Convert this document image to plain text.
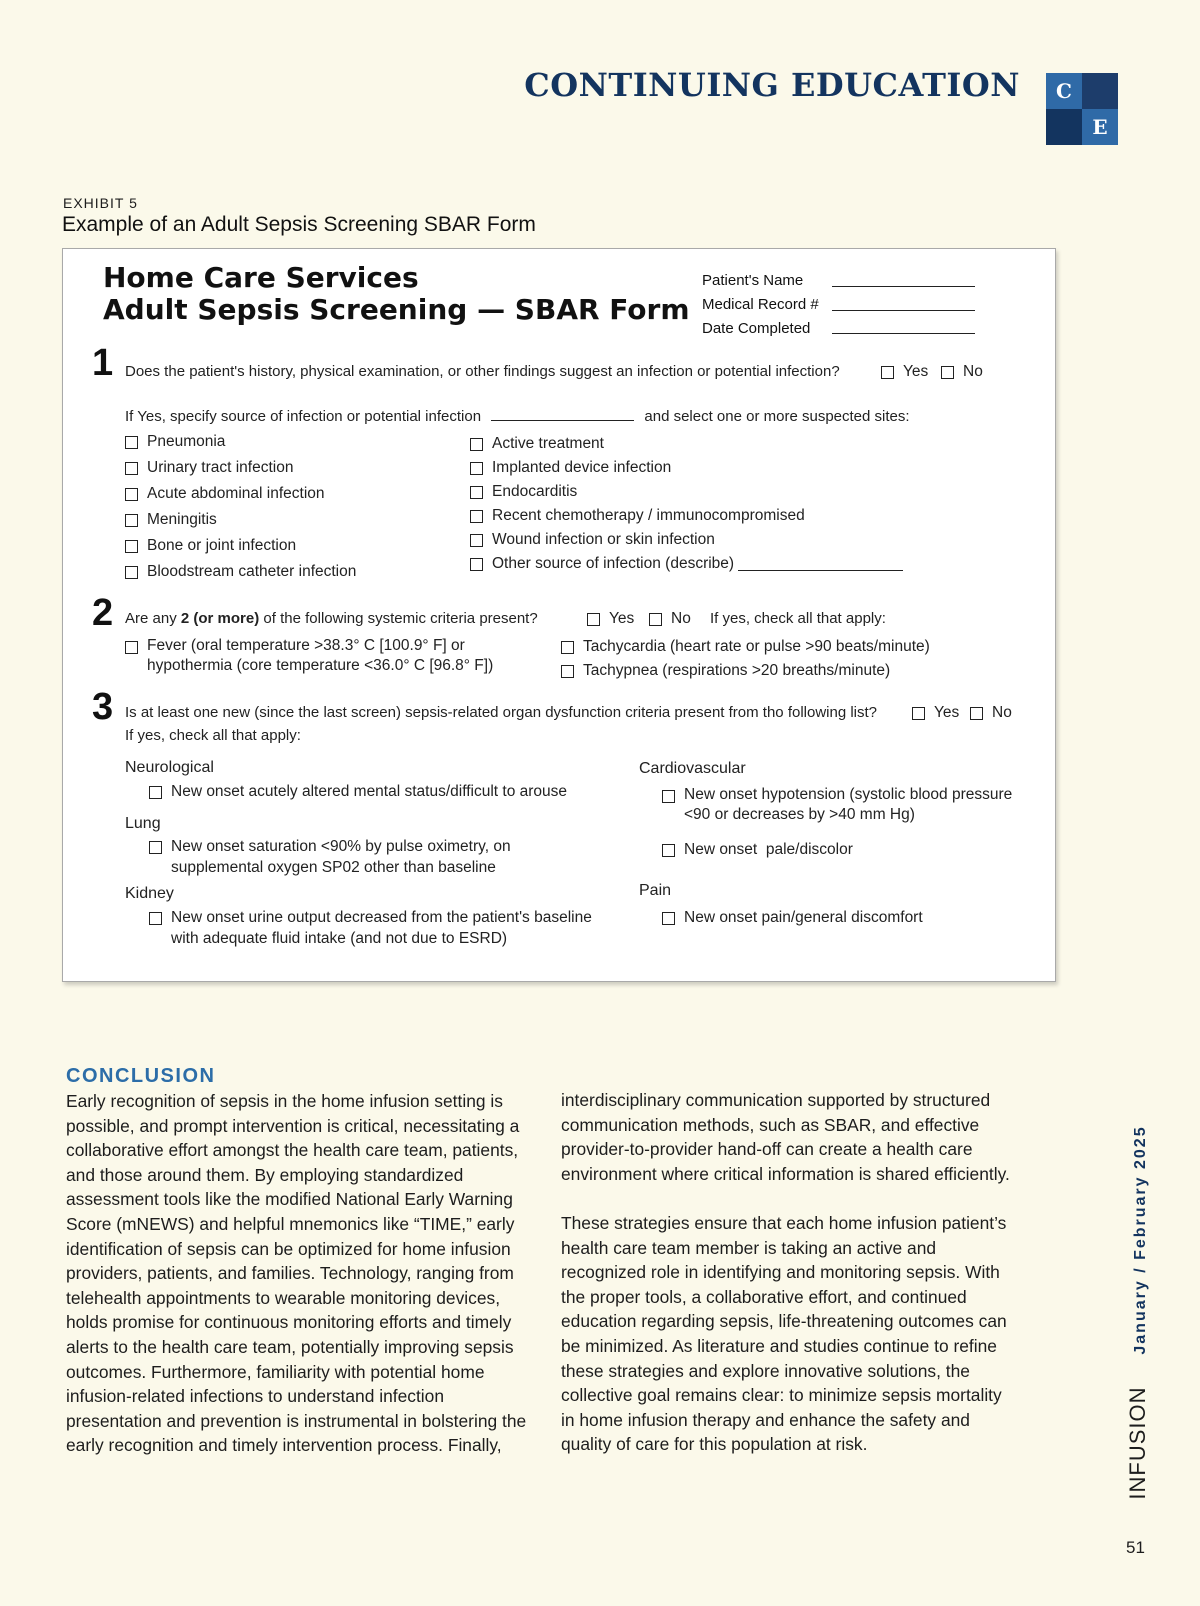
CONTINUING EDUCATION	C
E
EXHIBIT 5
Example of an Adult Sepsis Screening SBAR Form
Home Care Services
Adult Sepsis Screening — SBAR Form
Patient's Name
Medical Record #
Date Completed
1 Does the patient's history, physical examination, or other findings suggest an infection or potential infection?	Yes No
If Yes, specify source of infection or potential infection	and select one or more suspected sites:
Pneumonia
Urinary tract infection
Acute abdominal infection
Meningitis
Bone or joint infection
Bloodstream catheter infection
Active treatment
Implanted device infection
Endocarditis
Recent chemotherapy / immunocompromised
Wound infection or skin infection
Other source of infection (describe)
2 Are any 2 (or more) of the following systemic criteria present?	Yes No If yes, check all that apply:
Fever (oral temperature >38.3° C [100.9° F] or
hypothermia (core temperature <36.0° C [96.8° F])
Tachycardia (heart rate or pulse >90 beats/minute)
Tachypnea (respirations >20 breaths/minute)
3 Is at least one new (since the last screen) sepsis-related organ dysfunction criteria present from tho following list?	Yes No
If yes, check all that apply:
Neurological
New onset acutely altered mental status/difficult to arouse
Lung
New onset saturation <90% by pulse oximetry, on
supplemental oxygen SP02 other than baseline
Kidney
New onset urine output decreased from the patient's baseline
with adequate fluid intake (and not due to ESRD)
Cardiovascular
New onset hypotension (systolic blood pressure
<90 or decreases by >40 mm Hg)
New onset  pale/discolor
Pain
New onset pain/general discomfort
CONCLUSION

Early recognition of sepsis in the home infusion setting is possible, and prompt intervention is critical, necessitating a collaborative effort amongst the health care team, patients, and those around them. By employing standardized assessment tools like the modified National Early Warning Score (mNEWS) and helpful mnemonics like “TIME,” early identification of sepsis can be optimized for home infusion providers, patients, and families. Technology, ranging from telehealth appointments to wearable monitoring devices, holds promise for continuous monitoring efforts and timely alerts to the health care team, potentially improving sepsis outcomes. Furthermore, familiarity with potential home infusion-related infections to understand infection presentation and prevention is instrumental in bolstering the early recognition and timely intervention process. Finally,

interdisciplinary communication supported by structured communication methods, such as SBAR, and effective provider-to-provider hand-off can create a health care environment where critical information is shared efficiently.

These strategies ensure that each home infusion patient’s health care team member is taking an active and recognized role in identifying and monitoring sepsis. With the proper tools, a collaborative effort, and continued education regarding sepsis, life-threatening outcomes can be minimized. As literature and studies continue to refine these strategies and explore innovative solutions, the collective goal remains clear: to minimize sepsis mortality in home infusion therapy and enhance the safety and quality of care for this population at risk.

January / February 2025
INFUSION
51
